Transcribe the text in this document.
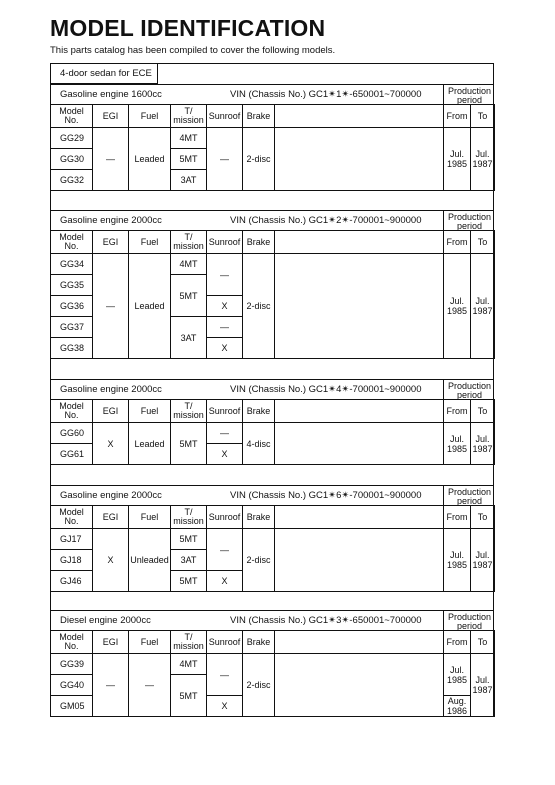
MODEL IDENTIFICATION

This parts catalog has been compiled to cover the following models.

4-door sedan for ECE
Gasoline engine 1600cc	VIN (Chassis No.) GC1✴1✴-650001~700000	Production period
Model No.	EGI	Fuel	T/ mission	Sunroof	Brake		From	To
GG29	—	Leaded	4MT	—	2-disc		Jul. 1985	Jul. 1987
GG30			5MT					
GG32			3AT					
Gasoline engine 2000cc	VIN (Chassis No.) GC1✴2✴-700001~900000	Production period
Model No.	EGI	Fuel	T/ mission	Sunroof	Brake		From	To
GG34	—	Leaded	4MT	—	2-disc		Jul. 1985	Jul. 1987
GG35			5MT					
GG36				X				
GG37			3AT	—				
GG38				X				
Gasoline engine 2000cc	VIN (Chassis No.) GC1✴4✴-700001~900000	Production period
Model No.	EGI	Fuel	T/ mission	Sunroof	Brake		From	To
GG60	X	Leaded	5MT	—	4-disc		Jul. 1985	Jul. 1987
GG61				X				
Gasoline engine 2000cc	VIN (Chassis No.) GC1✴6✴-700001~900000	Production period
Model No.	EGI	Fuel	T/ mission	Sunroof	Brake		From	To
GJ17	X	Unleaded	5MT	—	2-disc		Jul. 1985	Jul. 1987
GJ18			3AT					
GJ46			5MT	X				
Diesel engine 2000cc	VIN (Chassis No.) GC1✴3✴-650001~700000	Production period
Model No.	EGI	Fuel	T/ mission	Sunroof	Brake		From	To
GG39	—	—	4MT	—	2-disc		Jul. 1985	Jul. 1987
GG40			5MT					
GM05				X			Aug. 1986	
